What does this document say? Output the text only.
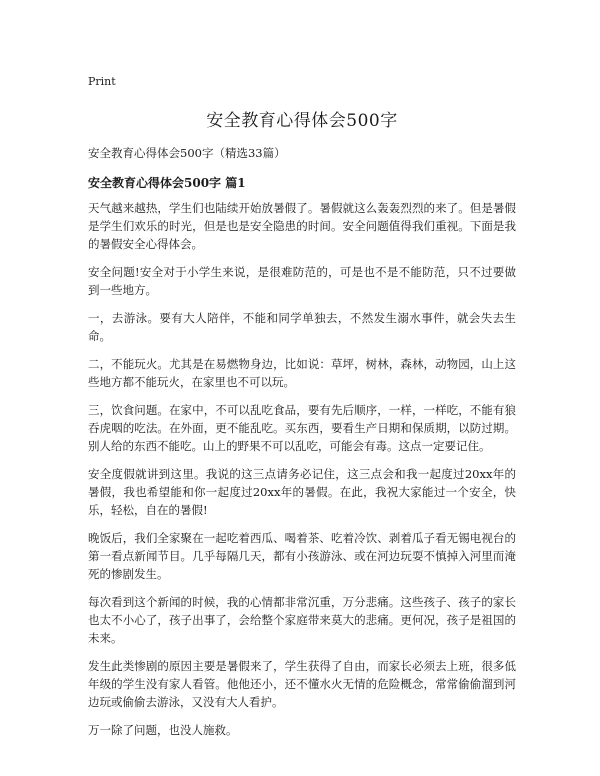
Print
安全教育心得体会500字

安全教育心得体会500字（精选33篇）

安全教育心得体会500字 篇1

天气越来越热，学生们也陆续开始放暑假了。暑假就这么轰轰烈烈的来了。但是暑假是学生们欢乐的时光，但是也是安全隐患的时间。安全问题值得我们重视。下面是我的暑假安全心得体会。

安全问题!安全对于小学生来说，是很难防范的，可是也不是不能防范，只不过要做到一些地方。

一，去游泳。要有大人陪伴，不能和同学单独去，不然发生溺水事件，就会失去生命。

二，不能玩火。尤其是在易燃物身边，比如说：草坪，树林，森林，动物园，山上这些地方都不能玩火，在家里也不可以玩。

三，饮食问题。在家中，不可以乱吃食品，要有先后顺序，一样，一样吃，不能有狼吞虎咽的吃法。在外面，更不能乱吃。买东西，要看生产日期和保质期，以防过期。别人给的东西不能吃。山上的野果不可以乱吃，可能会有毒。这点一定要记住。

安全度假就讲到这里。我说的这三点请务必记住，这三点会和我一起度过20xx年的暑假，我也希望能和你一起度过20xx年的暑假。在此，我祝大家能过一个安全，快乐，轻松，自在的暑假!

晚饭后，我们全家聚在一起吃着西瓜、喝着茶、吃着冷饮、剥着瓜子看无锡电视台的第一看点新闻节目。几乎每隔几天，都有小孩游泳、或在河边玩耍不慎掉入河里而淹死的惨剧发生。

每次看到这个新闻的时候，我的心情都非常沉重，万分悲痛。这些孩子、孩子的家长也太不小心了，孩子出事了，会给整个家庭带来莫大的悲痛。更何况，孩子是祖国的未来。

发生此类惨剧的原因主要是暑假来了，学生获得了自由，而家长必须去上班，很多低年级的学生没有家人看管。他他还小，还不懂水火无情的危险概念，常常偷偷溜到河边玩或偷偷去游泳，又没有大人看护。

万一除了问题，也没人施救。
